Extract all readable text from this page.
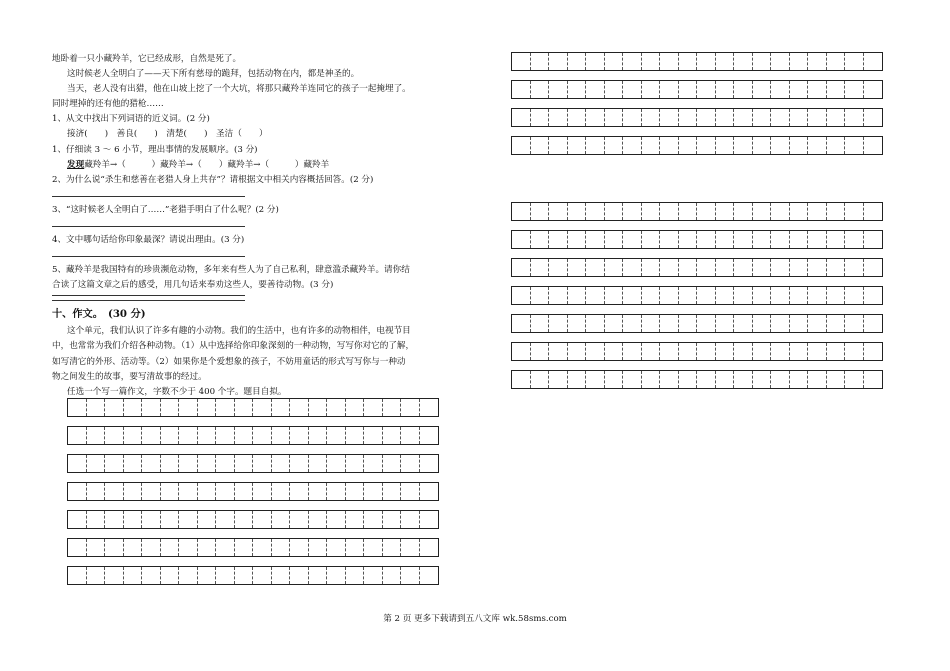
地卧着一只小藏羚羊，它已经成形，自然是死了。
这时候老人全明白了——天下所有慈母的跪拜，包括动物在内，都是神圣的。
当天，老人没有出猎，他在山坡上挖了一个大坑，将那只藏羚羊连同它的孩子一起掩埋了。
同时埋掉的还有他的猎枪……
1、从文中找出下列词语的近义词。(2 分)
接济(　　)　善良(　　)　清楚(　　)　圣洁（　　）
1、仔细读 3 ～ 6 小节，理出事情的发展顺序。(3 分)
发现藏羚羊→（　　　）藏羚羊→（　　）藏羚羊→（　　　）藏羚羊
2、为什么说“杀生和慈善在老猎人身上共存”？请根据文中相关内容概括回答。(2 分)
3、“这时候老人全明白了……”老猎手明白了什么呢？(2 分)
4、文中哪句话给你印象最深？请说出理由。(3 分)
5、藏羚羊是我国特有的珍贵濒危动物，多年来有些人为了自己私利，肆意滥杀藏羚羊。请你结
合读了这篇文章之后的感受，用几句话来奉劝这些人，要善待动物。(3 分)
十、作文。　(30 分)
这个单元，我们认识了许多有趣的小动物。我们的生活中，也有许多的动物相伴，电视节目
中，也常常为我们介绍各种动物。（1）从中选择给你印象深刻的一种动物，写写你对它的了解，
如写清它的外形、活动等。（2）如果你是个爱想象的孩子，不妨用童话的形式写写你与一种动
物之间发生的故事，要写清故事的经过。
任选一个写一篇作文，字数不少于 400 个字。题目自拟。
第 2 页 更多下载请到五八文库 wk.58sms.com
